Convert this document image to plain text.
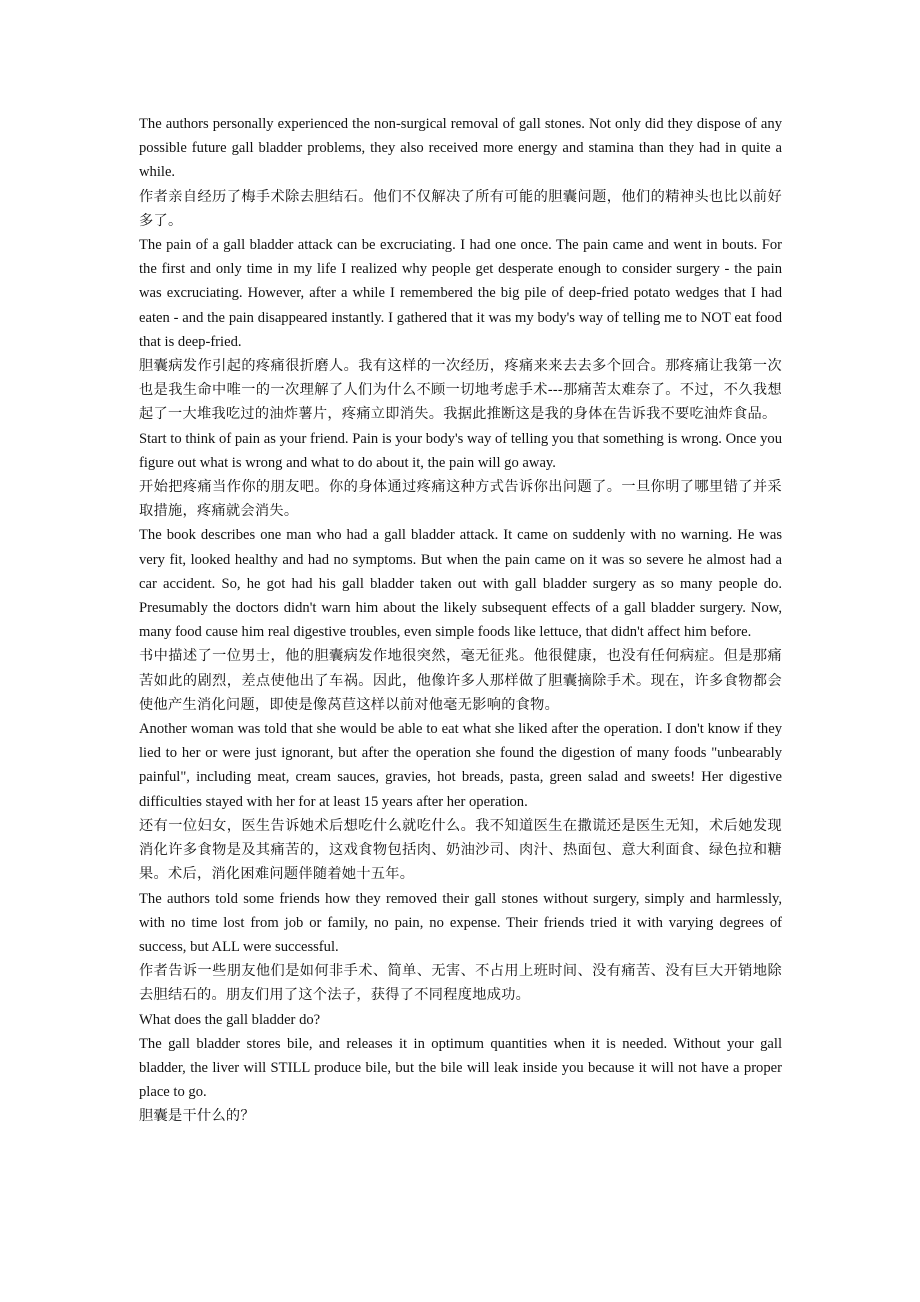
The authors personally experienced the non-surgical removal of gall stones. Not only did they dispose of any possible future gall bladder problems, they also received more energy and stamina than they had in quite a while.

作者亲自经历了梅手术除去胆结石。他们不仅解决了所有可能的胆囊问题，他们的精神头也比以前好多了。

The pain of a gall bladder attack can be excruciating. I had one once. The pain came and went in bouts. For the first and only time in my life I realized why people get desperate enough to consider surgery - the pain was excruciating. However, after a while I remembered the big pile of deep-fried potato wedges that I had eaten - and the pain disappeared instantly. I gathered that it was my body's way of telling me to NOT eat food that is deep-fried.

胆囊病发作引起的疼痛很折磨人。我有这样的一次经历，疼痛来来去去多个回合。那疼痛让我第一次也是我生命中唯一的一次理解了人们为什么不顾一切地考虑手术---那痛苦太难奈了。不过，不久我想起了一大堆我吃过的油炸薯片，疼痛立即消失。我据此推断这是我的身体在告诉我不要吃油炸食品。

Start to think of pain as your friend. Pain is your body's way of telling you that something is wrong. Once you figure out what is wrong and what to do about it, the pain will go away.

开始把疼痛当作你的朋友吧。你的身体通过疼痛这种方式告诉你出问题了。一旦你明了哪里错了并采取措施，疼痛就会消失。

The book describes one man who had a gall bladder attack. It came on suddenly with no warning. He was very fit, looked healthy and had no symptoms. But when the pain came on it was so severe he almost had a car accident. So, he got had his gall bladder taken out with gall bladder surgery as so many people do. Presumably the doctors didn't warn him about the likely subsequent effects of a gall bladder surgery. Now, many food cause him real digestive troubles, even simple foods like lettuce, that didn't affect him before.

书中描述了一位男士，他的胆囊病发作地很突然，毫无征兆。他很健康，也没有任何病症。但是那痛苦如此的剧烈，差点使他出了车祸。因此，他像许多人那样做了胆囊摘除手术。现在，许多食物都会使他产生消化问题，即使是像莴苣这样以前对他毫无影响的食物。

Another woman was told that she would be able to eat what she liked after the operation. I don't know if they lied to her or were just ignorant, but after the operation she found the digestion of many foods "unbearably painful", including meat, cream sauces, gravies, hot breads, pasta, green salad and sweets! Her digestive difficulties stayed with her for at least 15 years after her operation.

还有一位妇女，医生告诉她术后想吃什么就吃什么。我不知道医生在撒谎还是医生无知，术后她发现消化许多食物是及其痛苦的，这戏食物包括肉、奶油沙司、肉汁、热面包、意大利面食、绿色拉和糖果。术后，消化困难问题伴随着她十五年。

The authors told some friends how they removed their gall stones without surgery, simply and harmlessly, with no time lost from job or family, no pain, no expense. Their friends tried it with varying degrees of success, but ALL were successful.

作者告诉一些朋友他们是如何非手术、简单、无害、不占用上班时间、没有痛苦、没有巨大开销地除去胆结石的。朋友们用了这个法子，获得了不同程度地成功。

What does the gall bladder do?

The gall bladder stores bile, and releases it in optimum quantities when it is needed. Without your gall bladder, the liver will STILL produce bile, but the bile will leak inside you because it will not have a proper place to go.

胆囊是干什么的？
